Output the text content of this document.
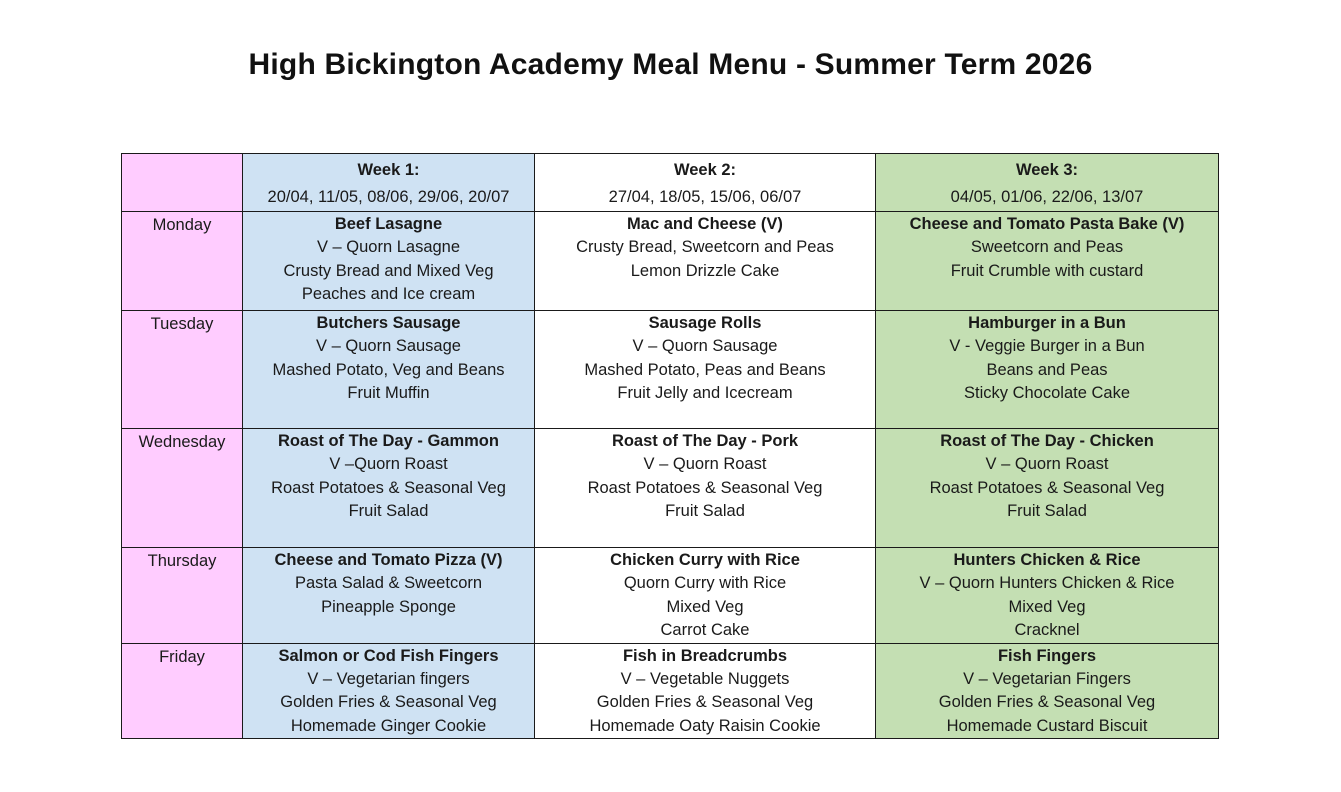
High Bickington Academy Meal Menu - Summer Term 2026

	Week 1:
20/04, 11/05, 08/06, 29/06, 20/07	Week 2:
27/04, 18/05, 15/06, 06/07	Week 3:
04/05, 01/06, 22/06, 13/07

Monday	Beef Lasagne
V – Quorn Lasagne
Crusty Bread and Mixed Veg
Peaches and Ice cream	Mac and Cheese (V)
Crusty Bread, Sweetcorn and Peas
Lemon Drizzle Cake	Cheese and Tomato Pasta Bake (V)
Sweetcorn and Peas
Fruit Crumble with custard

Tuesday	Butchers Sausage
V – Quorn Sausage
Mashed Potato, Veg and Beans
Fruit Muffin	Sausage Rolls
V – Quorn Sausage
Mashed Potato, Peas and Beans
Fruit Jelly and Icecream	Hamburger in a Bun
V - Veggie Burger in a Bun
Beans and Peas
Sticky Chocolate Cake

Wednesday	Roast of The Day - Gammon
V –Quorn Roast
Roast Potatoes & Seasonal Veg
Fruit Salad	Roast of The Day - Pork
V – Quorn Roast
Roast Potatoes & Seasonal Veg
Fruit Salad	Roast of The Day - Chicken
V – Quorn Roast
Roast Potatoes & Seasonal Veg
Fruit Salad

Thursday	Cheese and Tomato Pizza (V)
Pasta Salad & Sweetcorn
Pineapple Sponge	Chicken Curry with Rice
Quorn Curry with Rice
Mixed Veg
Carrot Cake	Hunters Chicken & Rice
V – Quorn Hunters Chicken & Rice
Mixed Veg
Cracknel

Friday	Salmon or Cod Fish Fingers
V – Vegetarian fingers
Golden Fries & Seasonal Veg
Homemade Ginger Cookie	Fish in Breadcrumbs
V – Vegetable Nuggets
Golden Fries & Seasonal Veg
Homemade Oaty Raisin Cookie	Fish Fingers
V – Vegetarian Fingers
Golden Fries & Seasonal Veg
Homemade Custard Biscuit
